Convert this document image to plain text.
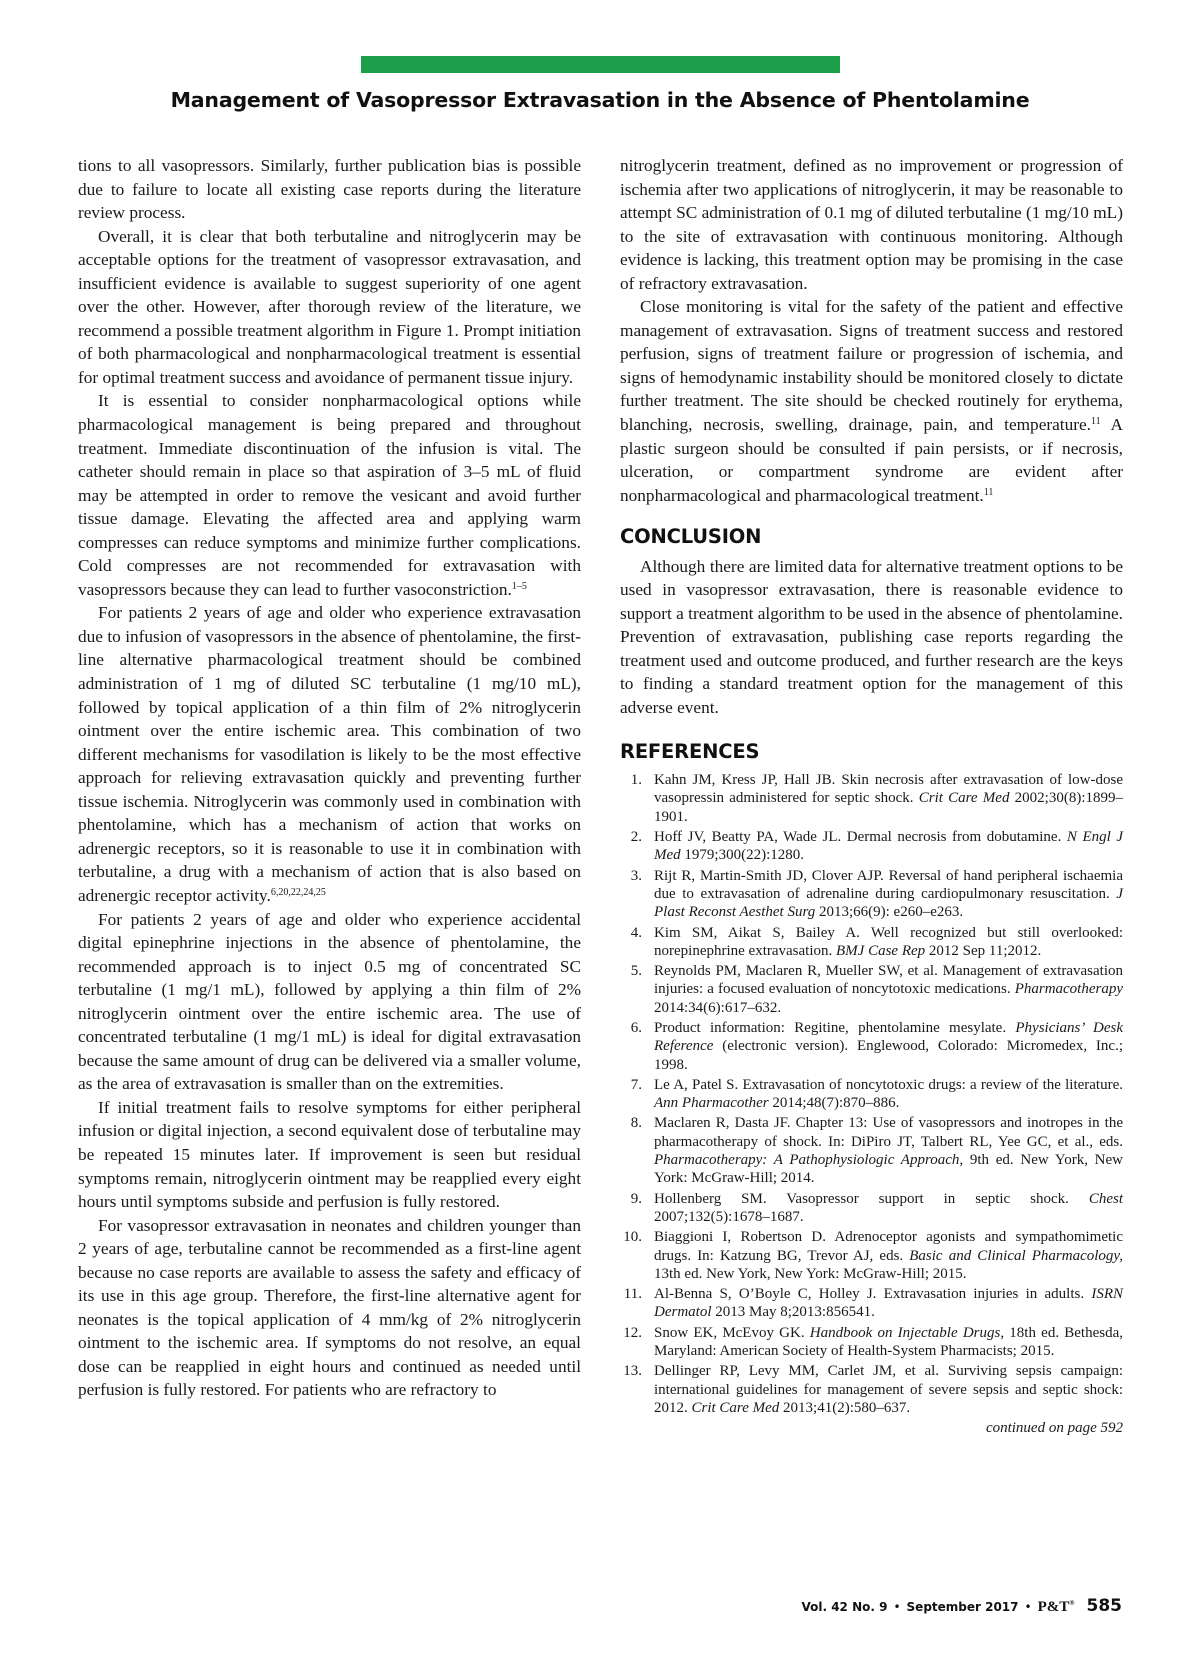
Management of Vasopressor Extravasation in the Absence of Phentolamine

tions to all vasopressors. Similarly, further publication bias is possible due to failure to locate all existing case reports during the literature review process.

Overall, it is clear that both terbutaline and nitroglycerin may be acceptable options for the treatment of vasopressor extravasation, and insufficient evidence is available to suggest superiority of one agent over the other. However, after thorough review of the literature, we recommend a possible treatment algorithm in Figure 1. Prompt initiation of both pharmacological and nonpharmacological treatment is essential for optimal treatment success and avoidance of permanent tissue injury.

It is essential to consider nonpharmacological options while pharmacological management is being prepared and throughout treatment. Immediate discontinuation of the infusion is vital. The catheter should remain in place so that aspiration of 3–5 mL of fluid may be attempted in order to remove the vesicant and avoid further tissue damage. Elevating the affected area and applying warm compresses can reduce symptoms and minimize further complications. Cold compresses are not recommended for extravasation with vasopressors because they can lead to further vasoconstriction.$^{1-5}$

For patients 2 years of age and older who experience extravasation due to infusion of vasopressors in the absence of phentolamine, the first-line alternative pharmacological treatment should be combined administration of 1 mg of diluted SC terbutaline (1 mg/10 mL), followed by topical application of a thin film of 2% nitroglycerin ointment over the entire ischemic area. This combination of two different mechanisms for vasodilation is likely to be the most effective approach for relieving extravasation quickly and preventing further tissue ischemia. Nitroglycerin was commonly used in combination with phentolamine, which has a mechanism of action that works on adrenergic receptors, so it is reasonable to use it in combination with terbutaline, a drug with a mechanism of action that is also based on adrenergic receptor activity.$^{6,20,22,24,25}$

For patients 2 years of age and older who experience accidental digital epinephrine injections in the absence of phentolamine, the recommended approach is to inject 0.5 mg of concentrated SC terbutaline (1 mg/1 mL), followed by applying a thin film of 2% nitroglycerin ointment over the entire ischemic area. The use of concentrated terbutaline (1 mg/1 mL) is ideal for digital extravasation because the same amount of drug can be delivered via a smaller volume, as the area of extravasation is smaller than on the extremities.

If initial treatment fails to resolve symptoms for either peripheral infusion or digital injection, a second equivalent dose of terbutaline may be repeated 15 minutes later. If improvement is seen but residual symptoms remain, nitroglycerin ointment may be reapplied every eight hours until symptoms subside and perfusion is fully restored.

For vasopressor extravasation in neonates and children younger than 2 years of age, terbutaline cannot be recommended as a first-line agent because no case reports are available to assess the safety and efficacy of its use in this age group. Therefore, the first-line alternative agent for neonates is the topical application of 4 mm/kg of 2% nitroglycerin ointment to the ischemic area. If symptoms do not resolve, an equal dose can be reapplied in eight hours and continued as needed until perfusion is fully restored. For patients who are refractory to

nitroglycerin treatment, defined as no improvement or progression of ischemia after two applications of nitroglycerin, it may be reasonable to attempt SC administration of 0.1 mg of diluted terbutaline (1 mg/10 mL) to the site of extravasation with continuous monitoring. Although evidence is lacking, this treatment option may be promising in the case of refractory extravasation.

Close monitoring is vital for the safety of the patient and effective management of extravasation. Signs of treatment success and restored perfusion, signs of treatment failure or progression of ischemia, and signs of hemodynamic instability should be monitored closely to dictate further treatment. The site should be checked routinely for erythema, blanching, necrosis, swelling, drainage, pain, and temperature.$^{11}$ A plastic surgeon should be consulted if pain persists, or if necrosis, ulceration, or compartment syndrome are evident after nonpharmacological and pharmacological treatment.$^{11}$

CONCLUSION

Although there are limited data for alternative treatment options to be used in vasopressor extravasation, there is reasonable evidence to support a treatment algorithm to be used in the absence of phentolamine. Prevention of extravasation, publishing case reports regarding the treatment used and outcome produced, and further research are the keys to finding a standard treatment option for the management of this adverse event.

REFERENCES
1. Kahn JM, Kress JP, Hall JB. Skin necrosis after extravasation of low-dose vasopressin administered for septic shock. Crit Care Med 2002;30(8):1899–1901.
2. Hoff JV, Beatty PA, Wade JL. Dermal necrosis from dobutamine. N Engl J Med 1979;300(22):1280.
3. Rijt R, Martin-Smith JD, Clover AJP. Reversal of hand peripheral ischaemia due to extravasation of adrenaline during cardiopulmonary resuscitation. J Plast Reconst Aesthet Surg 2013;66(9): e260–e263.
4. Kim SM, Aikat S, Bailey A. Well recognized but still overlooked: norepinephrine extravasation. BMJ Case Rep 2012 Sep 11;2012.
5. Reynolds PM, Maclaren R, Mueller SW, et al. Management of extravasation injuries: a focused evaluation of noncytotoxic medications. Pharmacotherapy 2014:34(6):617–632.
6. Product information: Regitine, phentolamine mesylate. Physicians’ Desk Reference (electronic version). Englewood, Colorado: Micromedex, Inc.; 1998.
7. Le A, Patel S. Extravasation of noncytotoxic drugs: a review of the literature. Ann Pharmacother 2014;48(7):870–886.
8. Maclaren R, Dasta JF. Chapter 13: Use of vasopressors and inotropes in the pharmacotherapy of shock. In: DiPiro JT, Talbert RL, Yee GC, et al., eds. Pharmacotherapy: A Pathophysiologic Approach, 9th ed. New York, New York: McGraw-Hill; 2014.
9. Hollenberg SM. Vasopressor support in septic shock. Chest 2007;132(5):1678–1687.
10. Biaggioni I, Robertson D. Adrenoceptor agonists and sympathomimetic drugs. In: Katzung BG, Trevor AJ, eds. Basic and Clinical Pharmacology, 13th ed. New York, New York: McGraw-Hill; 2015.
11. Al-Benna S, O’Boyle C, Holley J. Extravasation injuries in adults. ISRN Dermatol 2013 May 8;2013:856541.
12. Snow EK, McEvoy GK. Handbook on Injectable Drugs, 18th ed. Bethesda, Maryland: American Society of Health-System Pharmacists; 2015.
13. Dellinger RP, Levy MM, Carlet JM, et al. Surviving sepsis campaign: international guidelines for management of severe sepsis and septic shock: 2012. Crit Care Med 2013;41(2):580–637.
continued on page 592
Vol. 42 No. 9 • September 2017 • P&T® 585
